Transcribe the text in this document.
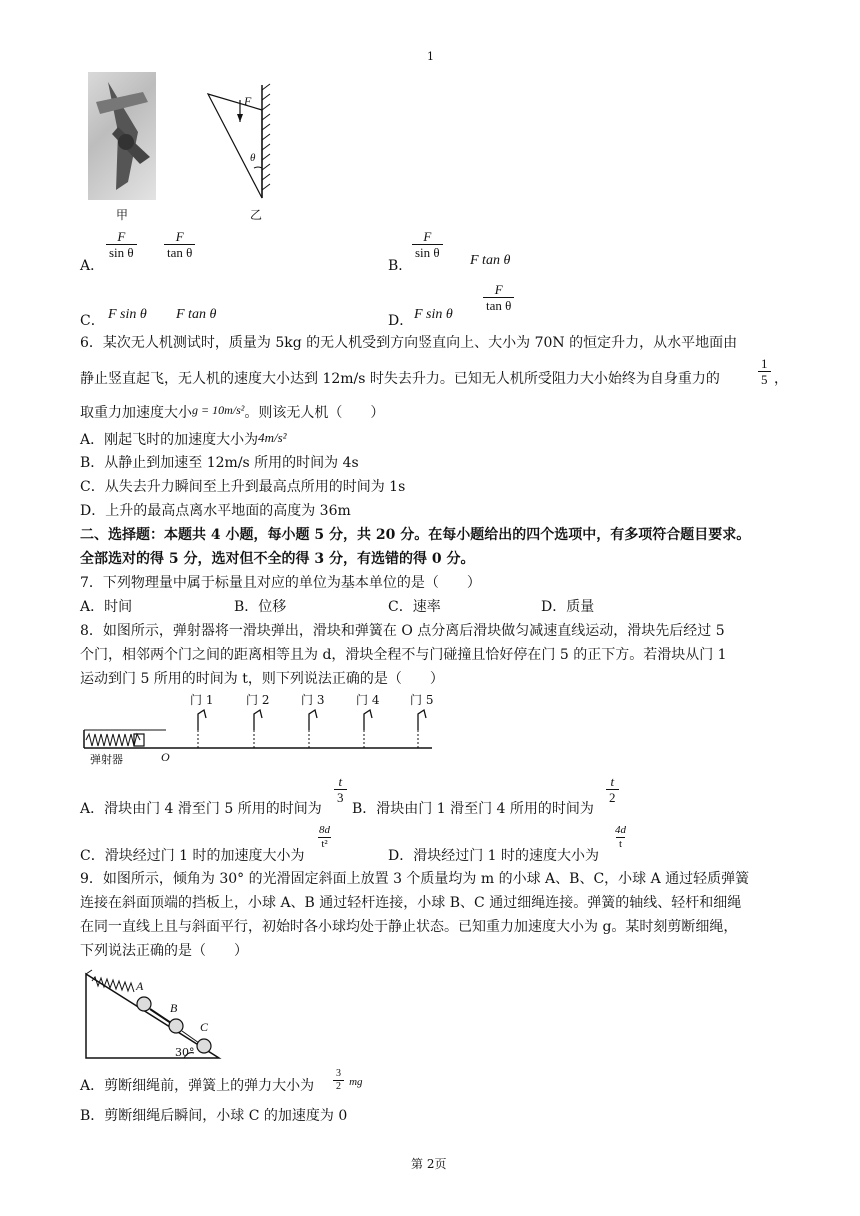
1
甲
F
θ
乙
A．
$\frac{F}{\text{sin θ}} \frac{F}{\text{tan θ}}$
B．
$\frac{F}{\text{sin θ}}$
F tan θ
C． F sin θ F tan θ	D． F sin θ
$\frac{F}{\text{tan θ}}$
6．某次无人机测试时，质量为 5kg 的无人机受到方向竖直向上、大小为 70N 的恒定升力，从水平地面由
静止竖直起飞，无人机的速度大小达到 12m/s 时失去升力。已知无人机所受阻力大小始终为自身重力的	$\frac{1}{5}$ ，
取重力加速度大小g = 10m/s²。则该无人机（　　）
A．刚起飞时的加速度大小为4m/s²
B．从静止到加速至 12m/s 所用的时间为 4s
C．从失去升力瞬间至上升到最高点所用的时间为 1s
D．上升的最高点离水平地面的高度为 36m
二、选择题：本题共 4 小题，每小题 5 分，共 20 分。在每小题给出的四个选项中，有多项符合题目要求。
全部选对的得 5 分，选对但不全的得 3 分，有选错的得 0 分。
7．下列物理量中属于标量且对应的单位为基本单位的是（　　）
A．时间	B．位移	C．速率	D．质量
8．如图所示，弹射器将一滑块弹出，滑块和弹簧在 O 点分离后滑块做匀减速直线运动，滑块先后经过 5
个门，相邻两个门之间的距离相等且为 d，滑块全程不与门碰撞且恰好停在门 5 的正下方。若滑块从门 1
运动到门 5 所用的时间为 t，则下列说法正确的是（　　）
门 1	门 2	门 3	门 4	门 5
弹射器	O
A．滑块由门 4 滑至门 5 所用的时间为
$\frac{t}{3}$
B．滑块由门 1 滑至门 4 所用的时间为
$\frac{t}{2}$
C．滑块经过门 1 时的加速度大小为
$\frac{8d}{\text{t²}}$
D．滑块经过门 1 时的速度大小为
$\frac{4d}{t}$
9．如图所示，倾角为 30° 的光滑固定斜面上放置 3 个质量均为 m 的小球 A、B、C，小球 A 通过轻质弹簧
连接在斜面顶端的挡板上，小球 A、B 通过轻杆连接，小球 B、C 通过细绳连接。弹簧的轴线、轻杆和细绳
在同一直线上且与斜面平行，初始时各小球均处于静止状态。已知重力加速度大小为 g。某时刻剪断细绳，
下列说法正确的是（　　）
A
B
C
30°
A．剪断细绳前，弹簧上的弹力大小为 $\frac{3}{2}$ mg
B．剪断细绳后瞬间，小球 C 的加速度为 0
第 2页
